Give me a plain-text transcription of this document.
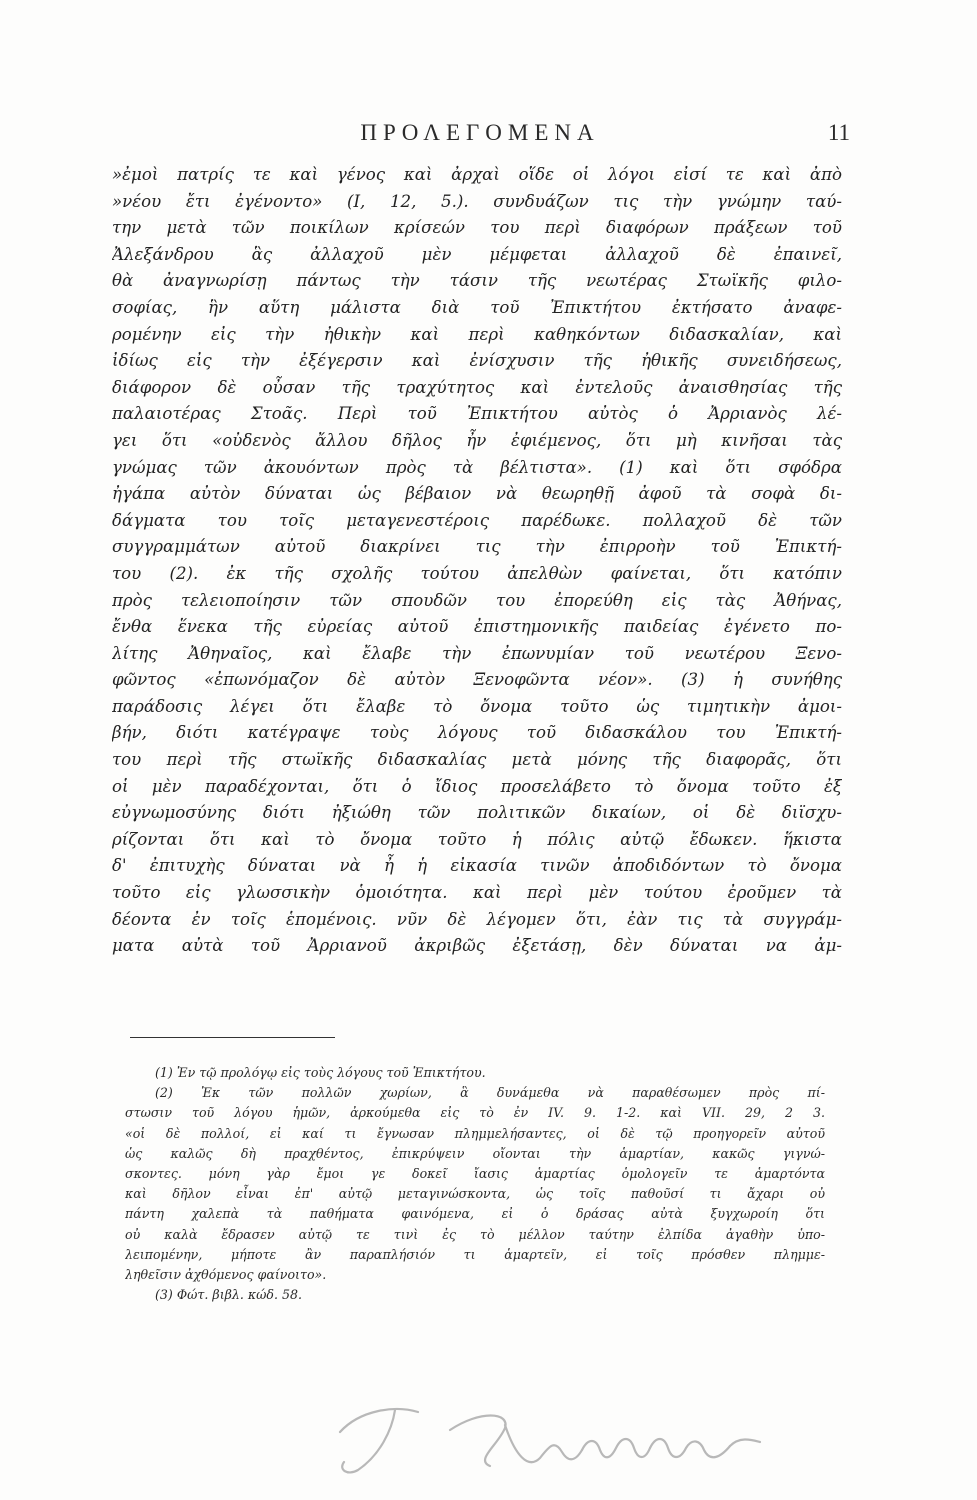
ΠΡΟΛΕΓΟΜΕΝΑ	11
»ἐμοὶ πατρίς τε καὶ γένος καὶ ἀρχαὶ οἵδε οἱ λόγοι εἰσί τε καὶ ἀπὸ
»νέου ἔτι ἐγένοντο» (I, 12, 5.). συνδυάζων τις τὴν γνώμην ταύ-
την μετὰ τῶν ποικίλων κρίσεών του περὶ διαφόρων πράξεων τοῦ
Ἀλεξάνδρου ἃς ἀλλαχοῦ μὲν μέμφεται ἀλλαχοῦ δὲ ἐπαινεῖ,
θὰ ἀναγνωρίσῃ πάντως τὴν τάσιν τῆς νεωτέρας Στωϊκῆς φιλο-
σοφίας, ἣν αὕτη μάλιστα διὰ τοῦ Ἐπικτήτου ἐκτήσατο ἀναφε-
ρομένην εἰς τὴν ἠθικὴν καὶ περὶ καθηκόντων διδασκαλίαν, καὶ
ἰδίως εἰς τὴν ἐξέγερσιν καὶ ἐνίσχυσιν τῆς ἠθικῆς συνειδήσεως,
διάφορον δὲ οὖσαν τῆς τραχύτητος καὶ ἐντελοῦς ἀναισθησίας τῆς
παλαιοτέρας Στοᾶς. Περὶ τοῦ Ἐπικτήτου αὐτὸς ὁ Ἀρριανὸς λέ-
γει ὅτι «οὐδενὸς ἄλλου δῆλος ἦν ἐφιέμενος, ὅτι μὴ κινῆσαι τὰς
γνώμας τῶν ἀκουόντων πρὸς τὰ βέλτιστα». (1) καὶ ὅτι σφόδρα
ἠγάπα αὐτὸν δύναται ὡς βέβαιον νὰ θεωρηθῇ ἀφοῦ τὰ σοφὰ δι-
δάγματα του τοῖς μεταγενεστέροις παρέδωκε. πολλαχοῦ δὲ τῶν
συγγραμμάτων αὐτοῦ διακρίνει τις τὴν ἐπιρροὴν τοῦ Ἐπικτή-
του (2). ἐκ τῆς σχολῆς τούτου ἀπελθὼν φαίνεται, ὅτι κατόπιν
πρὸς τελειοποίησιν τῶν σπουδῶν του ἐπορεύθη εἰς τὰς Ἀθήνας,
ἔνθα ἕνεκα τῆς εὐρείας αὐτοῦ ἐπιστημονικῆς παιδείας ἐγένετο πο-
λίτης Ἀθηναῖος, καὶ ἔλαβε τὴν ἐπωνυμίαν τοῦ νεωτέρου Ξενο-
φῶντος «ἐπωνόμαζον δὲ αὐτὸν Ξενοφῶντα νέον». (3) ἡ συνήθης
παράδοσις λέγει ὅτι ἔλαβε τὸ ὄνομα τοῦτο ὡς τιμητικὴν ἀμοι-
βήν, διότι κατέγραψε τοὺς λόγους τοῦ διδασκάλου του Ἐπικτή-
του περὶ τῆς στωϊκῆς διδασκαλίας μετὰ μόνης τῆς διαφορᾶς, ὅτι
οἱ μὲν παραδέχονται, ὅτι ὁ ἴδιος προσελάβετο τὸ ὄνομα τοῦτο ἐξ
εὐγνωμοσύνης διότι ἠξιώθη τῶν πολιτικῶν δικαίων, οἱ δὲ διϊσχυ-
ρίζονται ὅτι καὶ τὸ ὄνομα τοῦτο ἡ πόλις αὐτῷ ἔδωκεν. ἥκιστα
δ' ἐπιτυχὴς δύναται νὰ ἦ ἡ εἰκασία τινῶν ἀποδιδόντων τὸ ὄνομα
τοῦτο εἰς γλωσσικὴν ὁμοιότητα. καὶ περὶ μὲν τούτου ἐροῦμεν τὰ
δέοντα ἐν τοῖς ἑπομένοις. νῦν δὲ λέγομεν ὅτι, ἐὰν τις τὰ συγγράμ-
ματα αὐτὰ τοῦ Ἀρριανοῦ ἀκριβῶς ἐξετάσῃ, δὲν δύναται να ἀμ-
(1) Ἐν τῷ προλόγῳ εἰς τοὺς λόγους τοῦ Ἐπικτήτου.
(2) Ἐκ τῶν πολλῶν χωρίων, ἃ δυνάμεθα νὰ παραθέσωμεν πρὸς πί-
στωσιν τοῦ λόγου ἡμῶν, ἀρκούμεθα εἰς τὸ ἐν IV. 9. 1-2. καὶ VII. 29, 2 3.
«οἱ δὲ πολλοί, εἰ καί τι ἔγνωσαν πλημμελήσαντες, οἱ δὲ τῷ προηγορεῖν αὐτοῦ
ὡς καλῶς δὴ πραχθέντος, ἐπικρύψειν οἴονται τὴν ἁμαρτίαν, κακῶς γιγνώ-
σκοντες. μόνη γὰρ ἔμοι γε δοκεῖ ἴασις ἁμαρτίας ὁμολογεῖν τε ἁμαρτόντα
καὶ δῆλον εἶναι ἐπ' αὐτῷ μεταγινώσκοντα, ὡς τοῖς παθοῦσί τι ἄχαρι οὐ
πάντη χαλεπὰ τὰ παθήματα φαινόμενα, εἰ ὁ δράσας αὐτὰ ξυγχωροίη ὅτι
οὐ καλὰ ἔδρασεν αὐτῷ τε τινὶ ἐς τὸ μέλλον ταύτην ἐλπίδα ἀγαθὴν ὑπο-
λειπομένην, μήποτε ἂν παραπλήσιόν τι ἁμαρτεῖν, εἰ τοῖς πρόσθεν πλημμε-
ληθεῖσιν ἀχθόμενος φαίνοιτο».
(3) Φώτ. βιβλ. κώδ. 58.
